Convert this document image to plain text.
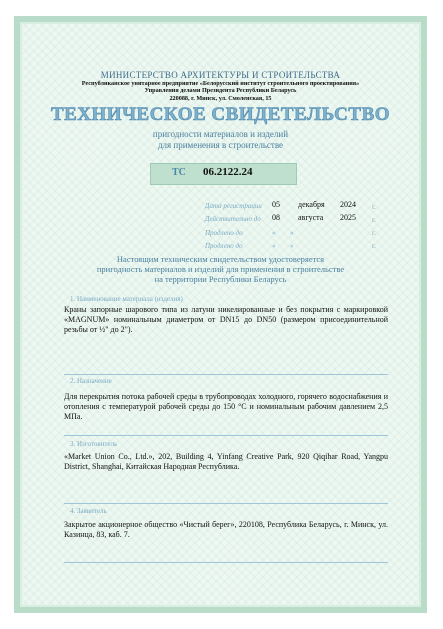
МИНИСТЕРСТВО АРХИТЕКТУРЫ И СТРОИТЕЛЬСТВА
Республиканское унитарное предприятие «Белорусский институт строительного проектирования»
Управления делами Президента Республики Беларусь
220088, г. Минск, ул. Смоленская, 15
ТЕХНИЧЕСКОЕ СВИДЕТЕЛЬСТВО
пригодности материалов и изделий
для применения в строительстве
ТС 06.2122.24
Дата регистрации 05 декабря 2024 г.
Действительно до 08 августа 2025 г.
Продлено до	« «	г.
Продлено до	« «	г.
Настоящим техническим свидетельством удостоверяется
пригодность материалов и изделий для применения в строительстве
на территории Республики Беларусь
1. Наименование материала (изделия)
Краны запорные шарового типа из латуни никелированные и без покрытия с маркировкой «MAGNUM» номинальным диаметром от DN15 до DN50 (размером присоединительной резьбы от ½" до 2").
2. Назначение
Для перекрытия потока рабочей среды в трубопроводах холодного, горячего водоснабжения и отопления с температурой рабочей среды до 150 °С и номинальным рабочим давлением 2,5 МПа.
3. Изготовитель
«Market Union Co., Ltd.», 202, Building 4, Yinfang Creative Park, 920 Qiqihar Road, Yangpu District, Shanghai, Китайская Народная Республика.
4. Заявитель
Закрытое акционерное общество «Чистый берег», 220108, Республика Беларусь, г. Минск, ул. Казинца, 83, каб. 7.
